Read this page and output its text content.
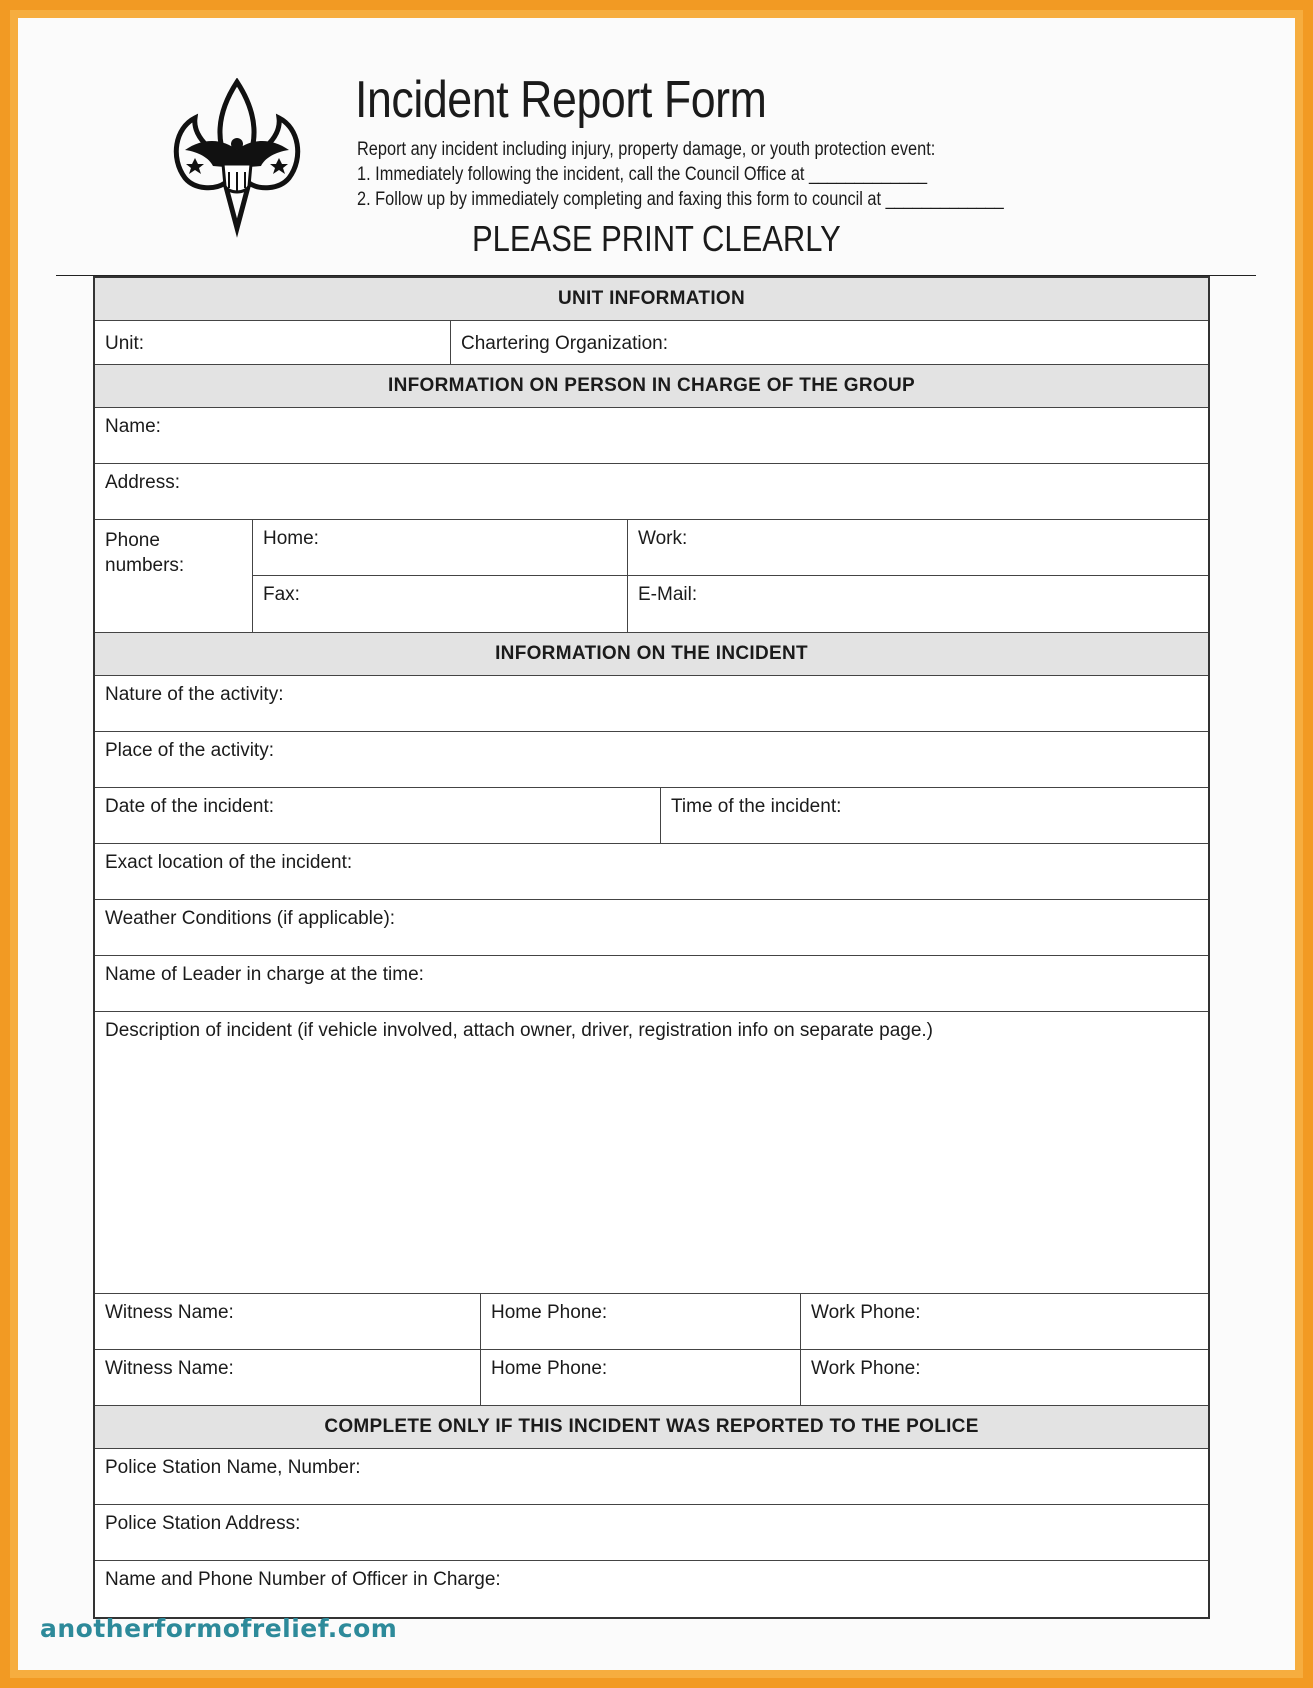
Incident Report Form
Report any incident including injury, property damage, or youth protection event:
1. Immediately following the incident, call the Council Office at _____________
2. Follow up by immediately completing and faxing this form to council at _____________
PLEASE PRINT CLEARLY
UNIT INFORMATION
Unit:	Chartering Organization:
INFORMATION ON PERSON IN CHARGE OF THE GROUP
Name:
Address:
Phone numbers:
Home:	Work:
Fax:	E-Mail:
INFORMATION ON THE INCIDENT
Nature of the activity:
Place of the activity:
Date of the incident:	Time of the incident:
Exact location of the incident:
Weather Conditions (if applicable):
Name of Leader in charge at the time:
Description of incident (if vehicle involved, attach owner, driver, registration info on separate page.)
Witness Name:	Home Phone:	Work Phone:
Witness Name:	Home Phone:	Work Phone:
COMPLETE ONLY IF THIS INCIDENT WAS REPORTED TO THE POLICE
Police Station Name, Number:
Police Station Address:
Name and Phone Number of Officer in Charge:
anotherformofrelief.com
